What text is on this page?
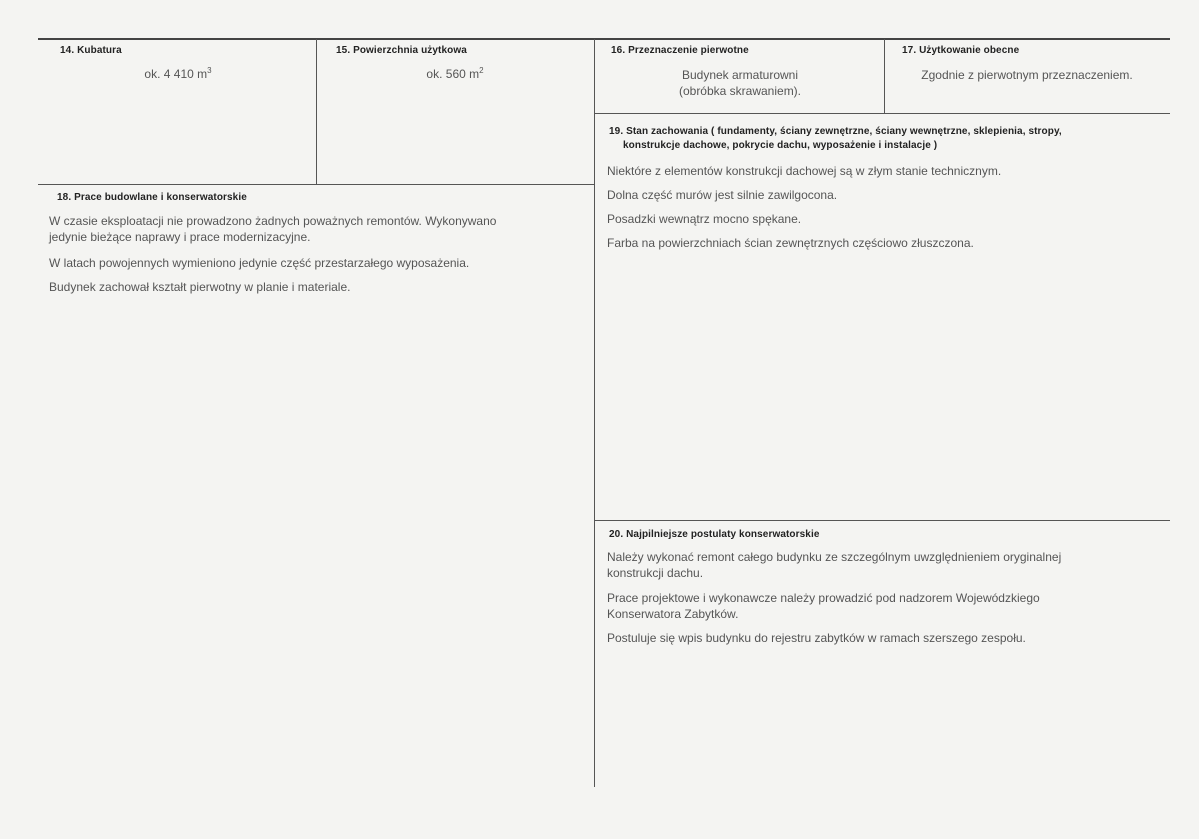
14. Kubatura
ok. 4 410 $m^3$
15. Powierzchnia użytkowa
ok. 560 $m^2$
16. Przeznaczenie pierwotne
Budynek armaturowni
(obróbka skrawaniem).
17. Użytkowanie obecne
Zgodnie z pierwotnym przeznaczeniem.
18. Prace budowlane i konserwatorskie
W czasie eksploatacji nie prowadzono żadnych poważnych remontów. Wykonywano
jedynie bieżące naprawy i prace modernizacyjne.
W latach powojennych wymieniono jedynie część przestarzałego wyposażenia.
Budynek zachował kształt pierwotny w planie i materiale.
19. Stan zachowania ( fundamenty, ściany zewnętrzne, ściany wewnętrzne, sklepienia, stropy,
konstrukcje dachowe, pokrycie dachu, wyposażenie i instalacje )
Niektóre z elementów konstrukcji dachowej są w złym stanie technicznym.
Dolna część murów jest silnie zawilgocona.
Posadzki wewnątrz mocno spękane.
Farba na powierzchniach ścian zewnętrznych częściowo złuszczona.
20. Najpilniejsze postulaty konserwatorskie
Należy wykonać remont całego budynku ze szczególnym uwzględnieniem oryginalnej
konstrukcji dachu.
Prace projektowe i wykonawcze należy prowadzić pod nadzorem Wojewódzkiego
Konserwatora Zabytków.
Postuluje się wpis budynku do rejestru zabytków w ramach szerszego zespołu.
